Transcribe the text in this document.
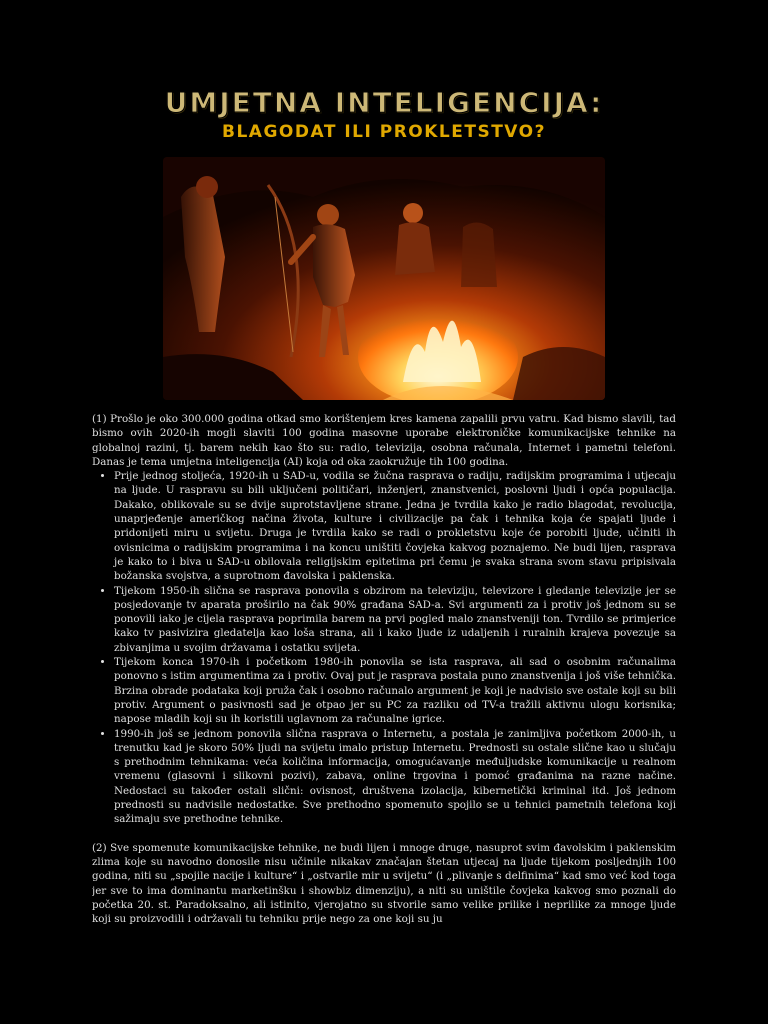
UMJETNA INTELIGENCIJA:
BLAGODAT ILI PROKLETSTVO?

(1) Prošlo je oko 300.000 godina otkad smo korištenjem kres kamena zapalili prvu vatru. Kad bismo slavili, tad bismo ovih 2020-ih mogli slaviti 100 godina masovne uporabe elektroničke komunikacijske tehnike na globalnoj razini, tj. barem nekih kao što su: radio, televizija, osobna računala, Internet i pametni telefoni. Danas je tema umjetna inteligencija (AI) koja od oka zaokružuje tih 100 godina.

• Prije jednog stoljeća, 1920-ih u SAD-u, vodila se žučna rasprava o radiju, radijskim programima i utjecaju na ljude. U raspravu su bili uključeni političari, inženjeri, znanstvenici, poslovni ljudi i opća populacija. Dakako, oblikovale su se dvije suprotstavljene strane. Jedna je tvrdila kako je radio blagodat, revolucija, unaprjeđenje američkog načina života, kulture i civilizacije pa čak i tehnika koja će spajati ljude i pridonijeti miru u svijetu. Druga je tvrdila kako se radi o prokletstvu koje će porobiti ljude, učiniti ih ovisnicima o radijskim programima i na koncu uništiti čovjeka kakvog poznajemo. Ne budi lijen, rasprava je kako to i biva u SAD-u obilovala religijskim epitetima pri čemu je svaka strana svom stavu pripisivala božanska svojstva, a suprotnom đavolska i paklenska.
• Tijekom 1950-ih slična se rasprava ponovila s obzirom na televiziju, televizore i gledanje televizije jer se posjedovanje tv aparata proširilo na čak 90% građana SAD-a. Svi argumenti za i protiv još jednom su se ponovili iako je cijela rasprava poprimila barem na prvi pogled malo znanstveniji ton. Tvrdilo se primjerice kako tv pasivizira gledatelja kao loša strana, ali i kako ljude iz udaljenih i ruralnih krajeva povezuje sa zbivanjima u svojim državama i ostatku svijeta.
• Tijekom konca 1970-ih i početkom 1980-ih ponovila se ista rasprava, ali sad o osobnim računalima ponovno s istim argumentima za i protiv. Ovaj put je rasprava postala puno znanstvenija i još više tehnička. Brzina obrade podataka koji pruža čak i osobno računalo argument je koji je nadvisio sve ostale koji su bili protiv. Argument o pasivnosti sad je otpao jer su PC za razliku od TV-a tražili aktivnu ulogu korisnika; napose mladih koji su ih koristili uglavnom za računalne igrice.
• 1990-ih još se jednom ponovila slična rasprava o Internetu, a postala je zanimljiva početkom 2000-ih, u trenutku kad je skoro 50% ljudi na svijetu imalo pristup Internetu. Prednosti su ostale slične kao u slučaju s prethodnim tehnikama: veća količina informacija, omogućavanje međuljudske komunikacije u realnom vremenu (glasovni i slikovni pozivi), zabava, online trgovina i pomoć građanima na razne načine. Nedostaci su također ostali slični: ovisnost, društvena izolacija, kibernetički kriminal itd. Još jednom prednosti su nadvisile nedostatke. Sve prethodno spomenuto spojilo se u tehnici pametnih telefona koji sažimaju sve prethodne tehnike.

(2) Sve spomenute komunikacijske tehnike, ne budi lijen i mnoge druge, nasuprot svim đavolskim i paklenskim zlima koje su navodno donosile nisu učinile nikakav značajan štetan utjecaj na ljude tijekom posljednjih 100 godina, niti su „spojile nacije i kulture“ i „ostvarile mir u svijetu“ (i „plivanje s delfinima“ kad smo već kod toga jer sve to ima dominantu marketinšku i showbiz dimenziju), a niti su uništile čovjeka kakvog smo poznali do početka 20. st. Paradoksalno, ali istinito, vjerojatno su stvorile samo velike prilike i neprilike za mnoge ljude koji su proizvodili i održavali tu tehniku prije nego za one koji su ju
